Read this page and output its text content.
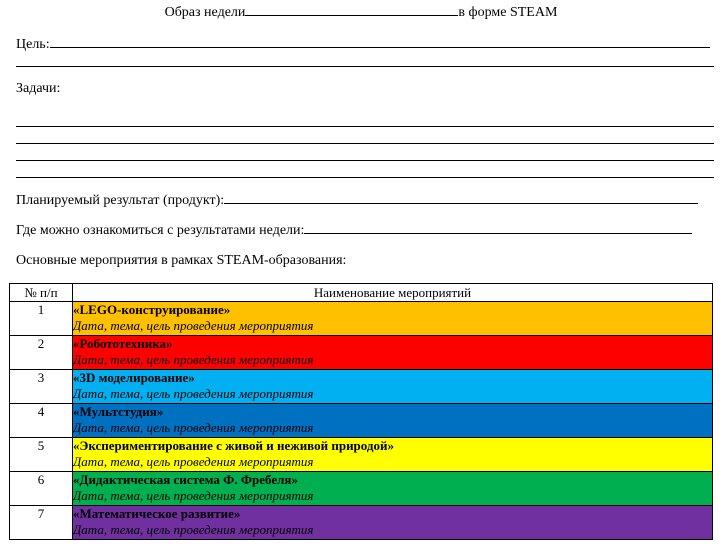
Образ недели	в форме STEAM
Цель:
Задачи:
Планируемый результат (продукт):
Где можно ознакомиться с результатами недели:
Основные мероприятия в рамках STEAM-образования:
№ п/п	Наименование мероприятий
1	«LEGO-конструирование»
Дата, тема, цель проведения мероприятия

2	«Робототехника»
Дата, тема, цель проведения мероприятия

3	«3D моделирование»
Дата, тема, цель проведения мероприятия

4	«Мультстудия»
Дата, тема, цель проведения мероприятия

5	«Экспериментирование с живой и неживой природой»
Дата, тема, цель проведения мероприятия

6	«Дидактическая система Ф. Фребеля»
Дата, тема, цель проведения мероприятия

7	«Математическое развитие»
Дата, тема, цель проведения мероприятия
